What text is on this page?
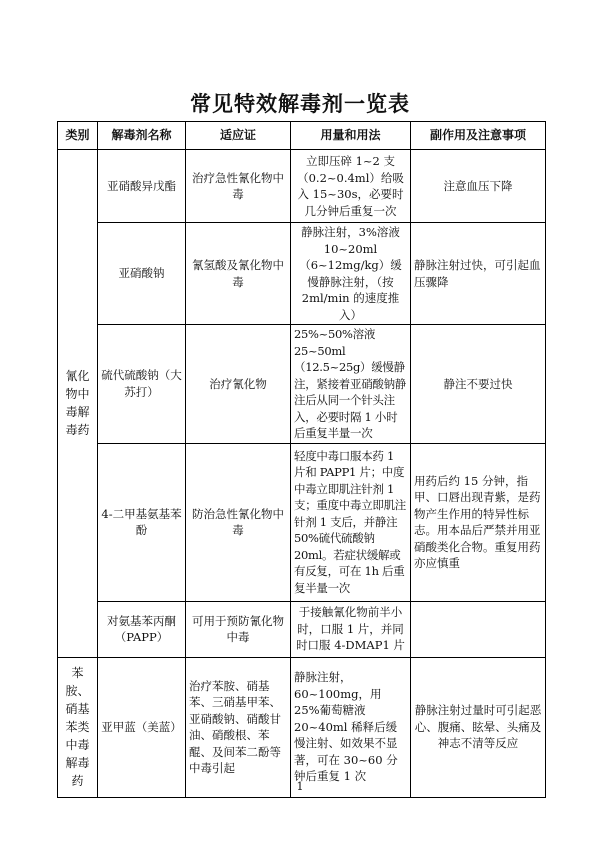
常见特效解毒剂一览表
类别	解毒剂名称	适应证	用量和用法	副作用及注意事项
氰化物中毒解毒药	亚硝酸异戊酯	治疗急性氰化物中毒	立即压碎 1~2 支（0.2~0.4ml）给吸入 15~30s，必要时几分钟后重复一次	注意血压下降
	亚硝酸钠	氰氢酸及氰化物中毒	静脉注射，3%溶液 10~20ml（6~12mg/kg）缓慢静脉注射，（按 2ml/min 的速度推入）	静脉注射过快，可引起血压骤降
	硫代硫酸钠（大苏打）	治疗氰化物	25%~50%溶液 25~50ml（12.5~25g）缓慢静注，紧接着亚硝酸钠静注后从同一个针头注入，必要时隔 1 小时后重复半量一次	静注不要过快
	4-二甲基氨基苯酚	防治急性氰化物中毒	轻度中毒口服本药 1 片和 PAPP1 片；中度中毒立即肌注针剂 1 支；重度中毒立即肌注针剂 1 支后，并静注 50%硫代硫酸钠 20ml。若症状缓解或有反复，可在 1h 后重复半量一次	用药后约 15 分钟，指甲、口唇出现青紫，是药物产生作用的特异性标志。用本品后严禁并用亚硝酸类化合物。重复用药亦应慎重
	对氨基苯丙酮（PAPP）	可用于预防氰化物中毒	于接触氰化物前半小时，口服 1 片，并同时口服 4-DMAP1 片	
苯胺、硝基苯类中毒解毒药	亚甲蓝（美蓝）	治疗苯胺、硝基苯、三硝基甲苯、亚硝酸钠、硝酸甘油、硝酸根、苯醌、及间苯二酚等中毒引起	静脉注射，60~100mg，用 25%葡萄糖液 20~40ml 稀释后缓慢注射、如效果不显著，可在 30~60 分钟后重复 1 次	静脉注射过量时可引起恶心、腹痛、眩晕、头痛及神志不清等反应
1
